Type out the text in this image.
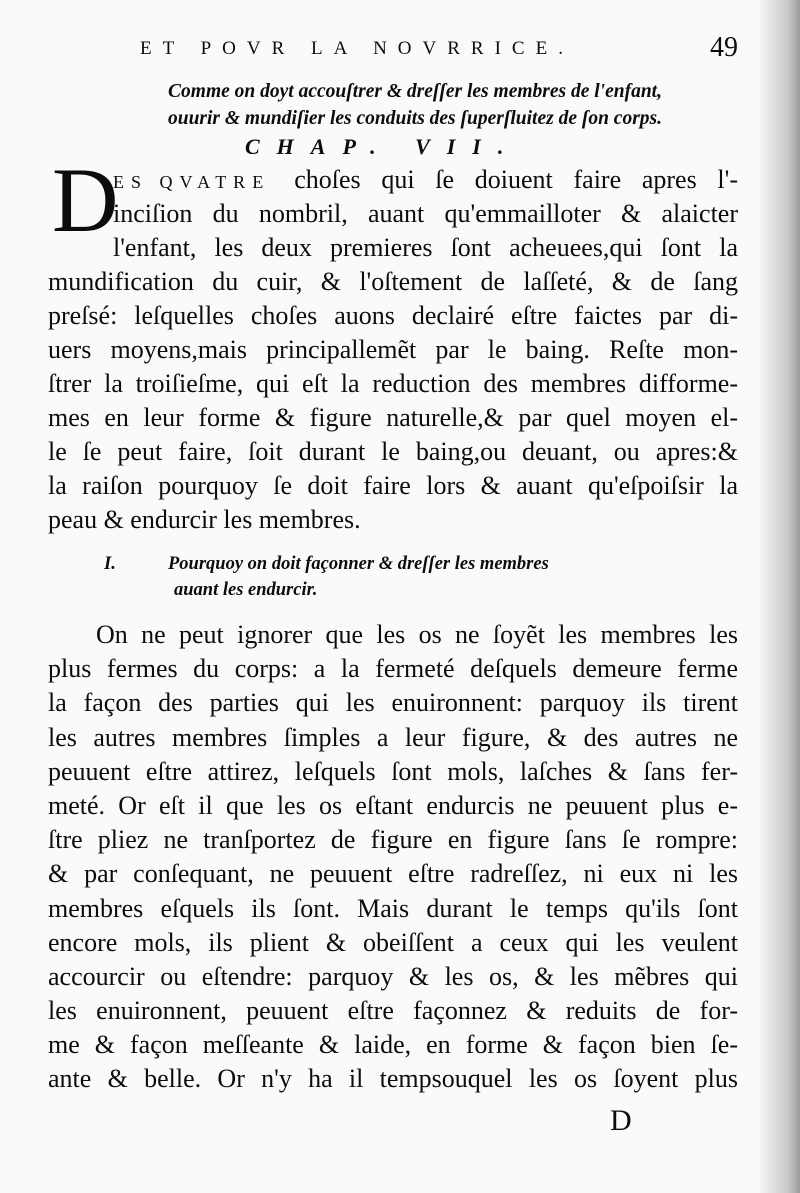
ET POVR LA NOVRRICE.	49
Comme on doyt accouſtrer & dreſſer les membres de l'enfant,
ouurir & mundiſier les conduits des ſuperſluitez de ſon corps.
CHAP. VII.
D
ES QVATRE choſes qui ſe doiuent faire apres l'-
inciſion du nombril, auant qu'emmailloter & alaicter
l'enfant, les deux premieres ſont acheuees,qui ſont la
mundification du cuir, & l'oſtement de laſſeté, & de ſang
preſsé: leſquelles choſes auons declairé eſtre faictes par di-
uers moyens,mais principallemẽt par le baing. Reſte mon-
ſtrer la troiſieſme, qui eſt la reduction des membres difforme-
mes en leur forme & figure naturelle,& par quel moyen el-
le ſe peut faire, ſoit durant le baing,ou deuant, ou apres:&
la raiſon pourquoy ſe doit faire lors & auant qu'eſpoiſsir la
peau & endurcir les membres.
I.	Pourquoy on doit façonner & dreſſer les membres
auant les endurcir.
On ne peut ignorer que les os ne ſoyẽt les membres les
plus fermes du corps: a la fermeté deſquels demeure ferme
la façon des parties qui les enuironnent: parquoy ils tirent
les autres membres ſimples a leur figure, & des autres ne
peuuent eſtre attirez, leſquels ſont mols, laſches & ſans fer-
meté. Or eſt il que les os eſtant endurcis ne peuuent plus e-
ſtre pliez ne tranſportez de figure en figure ſans ſe rompre:
& par conſequant, ne peuuent eſtre radreſſez, ni eux ni les
membres eſquels ils ſont. Mais durant le temps qu'ils ſont
encore mols, ils plient & obeiſſent a ceux qui les veulent
accourcir ou eſtendre: parquoy & les os, & les mẽbres qui
les enuironnent, peuuent eſtre façonnez & reduits de for-
me & façon meſſeante & laide, en forme & façon bien ſe-
ante & belle. Or n'y ha il tempsouquel les os ſoyent plus
D
